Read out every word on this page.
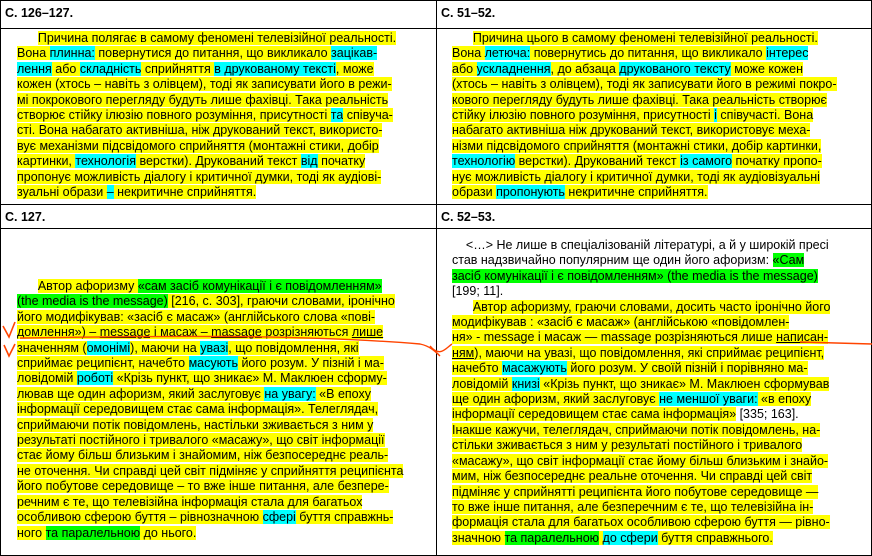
С. 126–127.	С. 51–52.
С. 127.	С. 52–53.
Причина полягає в самому феномені телевізійної реальності.
Вона плинна: повернутися до питання, що викликало зацікав-
лення або складність сприйняття в друкованому тексті, може
кожен (хтось – навіть з олівцем), тоді як записувати його в режи-
мі покрокового перегляду будуть лише фахівці. Така реальність
створює стійку ілюзію повного розуміння, присутності та співуча-
сті. Вона набагато активніша, ніж друкований текст, використо-
вує механізми підсвідомого сприйняття (монтажні стики, добір
картинки, технологія верстки). Друкований текст від початку
пропонує можливість діалогу і критичної думки, тоді як аудіові-
зуальні образи – некритичне сприйняття.
Причина цього в самому феномені телевізійної реальності.
Вона летюча: повернутись до питання, що викликало інтерес
або ускладнення, до абзаца друкованого тексту може кожен
(хтось – навіть з олівцем), тоді як записувати його в режимі покро-
кового перегляду будуть лише фахівці. Така реальність створює
стійку ілюзію повного розуміння, присутності і співучасті. Вона
набагато активніша ніж друкований текст, використовує меха-
нізми підсвідомого сприйняття (монтажні стики, добір картинки,
технологію верстки). Друкований текст із самого початку пропо-
нує можливість діалогу і критичної думки, тоді як аудіовізуальні
образи пропонують некритичне сприйняття.
Автор афоризму «сам засіб комунікації і є повідомленням»
(the media is the message) [216, с. 303], граючи словами, іронічно
його модифікував: «засіб є масаж» (англійського слова «пові-
домлення») – message і масаж – massage розрізняються лише
значенням (омонімі), маючи на увазі, що повідомлення, які
сприймає реципієнт, начебто масують його розум. У пізній і ма-
ловідомій роботі «Крізь пункт, що зникає» М. Маклюен сформу-
лював ще один афоризм, який заслуговує на увагу: «В епоху
інформації середовищем стає сама інформація». Телеглядач,
сприймаючи потік повідомлень, настільки зживається з ним у
результаті постійного і тривалого «масажу», що світ інформації
стає йому більш близьким і знайомим, ніж безпосереднє реаль-
не оточення. Чи справді цей світ підміняє у сприйняття реципієнта
його побутове середовище – то вже інше питання, але безпере-
речним є те, що телевізійна інформація стала для багатьох
особливою сферою буття – рівнозначною сфері буття справжнь-
ного та паралельною до нього.
<…> Не лише в спеціалізованій літературі, а й у широкій пресі
став надзвичайно популярним ще один його афоризм: «Сам
засіб комунікації і є повідомленням» (the media is the message)
[199; 11].
Автор афоризму, граючи словами, досить часто іронічно його
модифікував : «засіб є масаж» (англійською «повідомлен-
ня» - message і масаж — massage розрізняються лише написан-
ням), маючи на увазі, що повідомлення, які сприймає реципієнт,
начебто масажують його розум. У своїй пізній і порівняно ма-
ловідомій книзі «Крізь пункт, що зникає» М. Маклюен сформував
ще один афоризм, який заслуговує не меншої уваги: «в епоху
інформації середовищем стає сама інформація» [335; 163].
Інакше кажучи, телеглядач, сприймаючи потік повідомлень, на-
стільки зживається з ним у результаті постійного і тривалого
«масажу», що світ інформації стає йому більш близьким і знайо-
мим, ніж безпосереднє реальне оточення. Чи справді цей світ
підміняє у сприйнятті реципієнта його побутове середовище —
то вже інше питання, але безперечним є те, що телевізійна ін-
формація стала для багатьох особливою сферою буття — рівно-
значною та паралельною до сфери буття справжнього.
